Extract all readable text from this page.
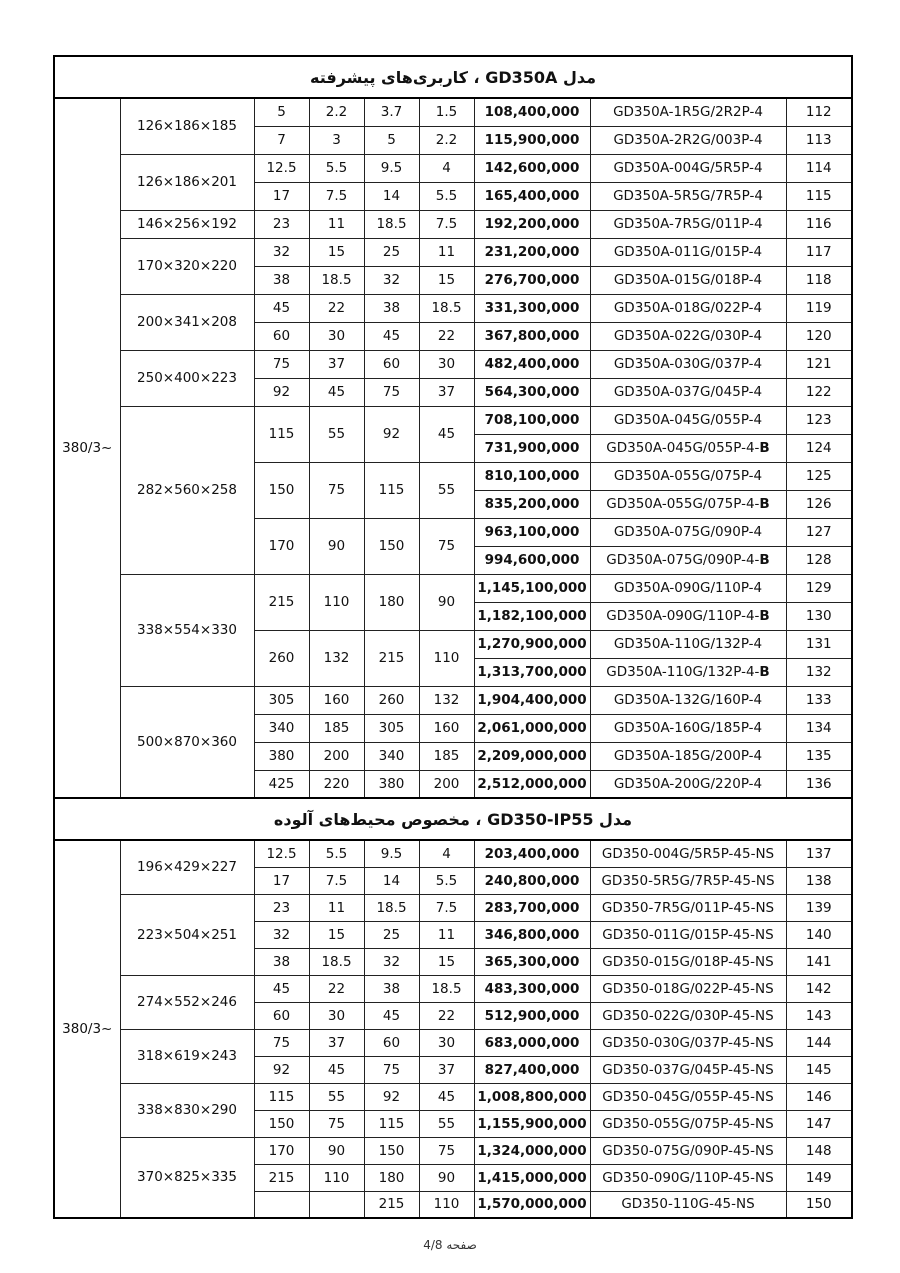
مدل GD350A ، کاربری‌های پیشرفته								
380/3~	126×186×185	5	2.2	3.7	1.5	108,400,000	GD350A-1R5G/2R2P-4	112
		7	3	5	2.2	115,900,000	GD350A-2R2G/003P-4	113
	126×186×201	12.5	5.5	9.5	4	142,600,000	GD350A-004G/5R5P-4	114
		17	7.5	14	5.5	165,400,000	GD350A-5R5G/7R5P-4	115
	146×256×192	23	11	18.5	7.5	192,200,000	GD350A-7R5G/011P-4	116
	170×320×220	32	15	25	11	231,200,000	GD350A-011G/015P-4	117
		38	18.5	32	15	276,700,000	GD350A-015G/018P-4	118
	200×341×208	45	22	38	18.5	331,300,000	GD350A-018G/022P-4	119
		60	30	45	22	367,800,000	GD350A-022G/030P-4	120
	250×400×223	75	37	60	30	482,400,000	GD350A-030G/037P-4	121
		92	45	75	37	564,300,000	GD350A-037G/045P-4	122
	282×560×258	115	55	92	45	708,100,000	GD350A-045G/055P-4	123
						731,900,000	GD350A-045G/055P-4-B	124
		150	75	115	55	810,100,000	GD350A-055G/075P-4	125
						835,200,000	GD350A-055G/075P-4-B	126
		170	90	150	75	963,100,000	GD350A-075G/090P-4	127
						994,600,000	GD350A-075G/090P-4-B	128
	338×554×330	215	110	180	90	1,145,100,000	GD350A-090G/110P-4	129
						1,182,100,000	GD350A-090G/110P-4-B	130
		260	132	215	110	1,270,900,000	GD350A-110G/132P-4	131
						1,313,700,000	GD350A-110G/132P-4-B	132
	500×870×360	305	160	260	132	1,904,400,000	GD350A-132G/160P-4	133
		340	185	305	160	2,061,000,000	GD350A-160G/185P-4	134
		380	200	340	185	2,209,000,000	GD350A-185G/200P-4	135
		425	220	380	200	2,512,000,000	GD350A-200G/220P-4	136
مدل GD350-IP55 ، مخصوص محیط‌های آلوده								
380/3~	196×429×227	12.5	5.5	9.5	4	203,400,000	GD350-004G/5R5P-45-NS	137
		17	7.5	14	5.5	240,800,000	GD350-5R5G/7R5P-45-NS	138
	223×504×251	23	11	18.5	7.5	283,700,000	GD350-7R5G/011P-45-NS	139
		32	15	25	11	346,800,000	GD350-011G/015P-45-NS	140
		38	18.5	32	15	365,300,000	GD350-015G/018P-45-NS	141
	274×552×246	45	22	38	18.5	483,300,000	GD350-018G/022P-45-NS	142
		60	30	45	22	512,900,000	GD350-022G/030P-45-NS	143
	318×619×243	75	37	60	30	683,000,000	GD350-030G/037P-45-NS	144
		92	45	75	37	827,400,000	GD350-037G/045P-45-NS	145
	338×830×290	115	55	92	45	1,008,800,000	GD350-045G/055P-45-NS	146
		150	75	115	55	1,155,900,000	GD350-055G/075P-45-NS	147
	370×825×335	170	90	150	75	1,324,000,000	GD350-075G/090P-45-NS	148
		215	110	180	90	1,415,000,000	GD350-090G/110P-45-NS	149
				215	110	1,570,000,000	GD350-110G-45-NS	150
صفحه 4/8
